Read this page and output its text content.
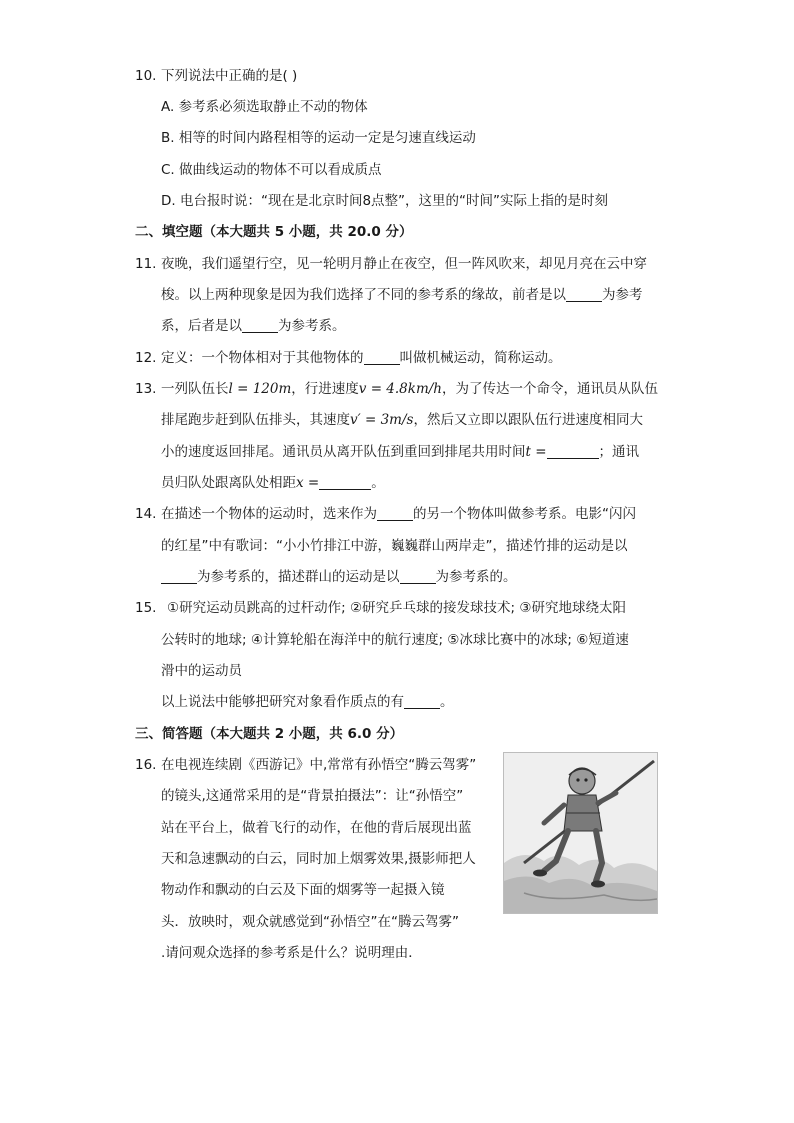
10. 下列说法中正确的是( )
A. 参考系必须选取静止不动的物体
B. 相等的时间内路程相等的运动一定是匀速直线运动
C. 做曲线运动的物体不可以看成质点
D. 电台报时说：“现在是北京时间8点整”，这里的“时间”实际上指的是时刻
二、填空题（本大题共 5 小题，共 20.0 分）
11. 夜晚，我们遥望行空，见一轮明月静止在夜空，但一阵风吹来，却见月亮在云中穿
梭。以上两种现象是因为我们选择了不同的参考系的缘故，前者是以	为参考
系，后者是以	为参考系。
12. 定义：一个物体相对于其他物体的	叫做机械运动，简称运动。
13. 一列队伍长l = 120m，行进速度v = 4.8km/h，为了传达一个命令，通讯员从队伍
排尾跑步赶到队伍排头，其速度v′ = 3m/s，然后又立即以跟队伍行进速度相同大
小的速度返回排尾。通讯员从离开队伍到重回到排尾共用时间t =	；通讯
员归队处跟离队处相距x =	。
14. 在描述一个物体的运动时，选来作为	的另一个物体叫做参考系。电影“闪闪
的红星”中有歌词：“小小竹排江中游，巍巍群山两岸走”，描述竹排的运动是以
为参考系的，描述群山的运动是以	为参考系的。
15. ①研究运动员跳高的过杆动作; ②研究乒乓球的接发球技术; ③研究地球绕太阳
公转时的地球; ④计算轮船在海洋中的航行速度; ⑤冰球比赛中的冰球; ⑥短道速
滑中的运动员
以上说法中能够把研究对象看作质点的有	。
三、简答题（本大题共 2 小题，共 6.0 分）
16. 在电视连续剧《西游记》中,常常有孙悟空“腾云驾雾”
的镜头,这通常采用的是“背景拍摄法”：让“孙悟空”
站在平台上，做着飞行的动作，在他的背后展现出蓝
天和急速飘动的白云，同时加上烟雾效果,摄影师把人
物动作和飘动的白云及下面的烟雾等一起摄入镜
头．放映时，观众就感觉到“孙悟空”在“腾云驾雾”
.请问观众选择的参考系是什么？说明理由．
